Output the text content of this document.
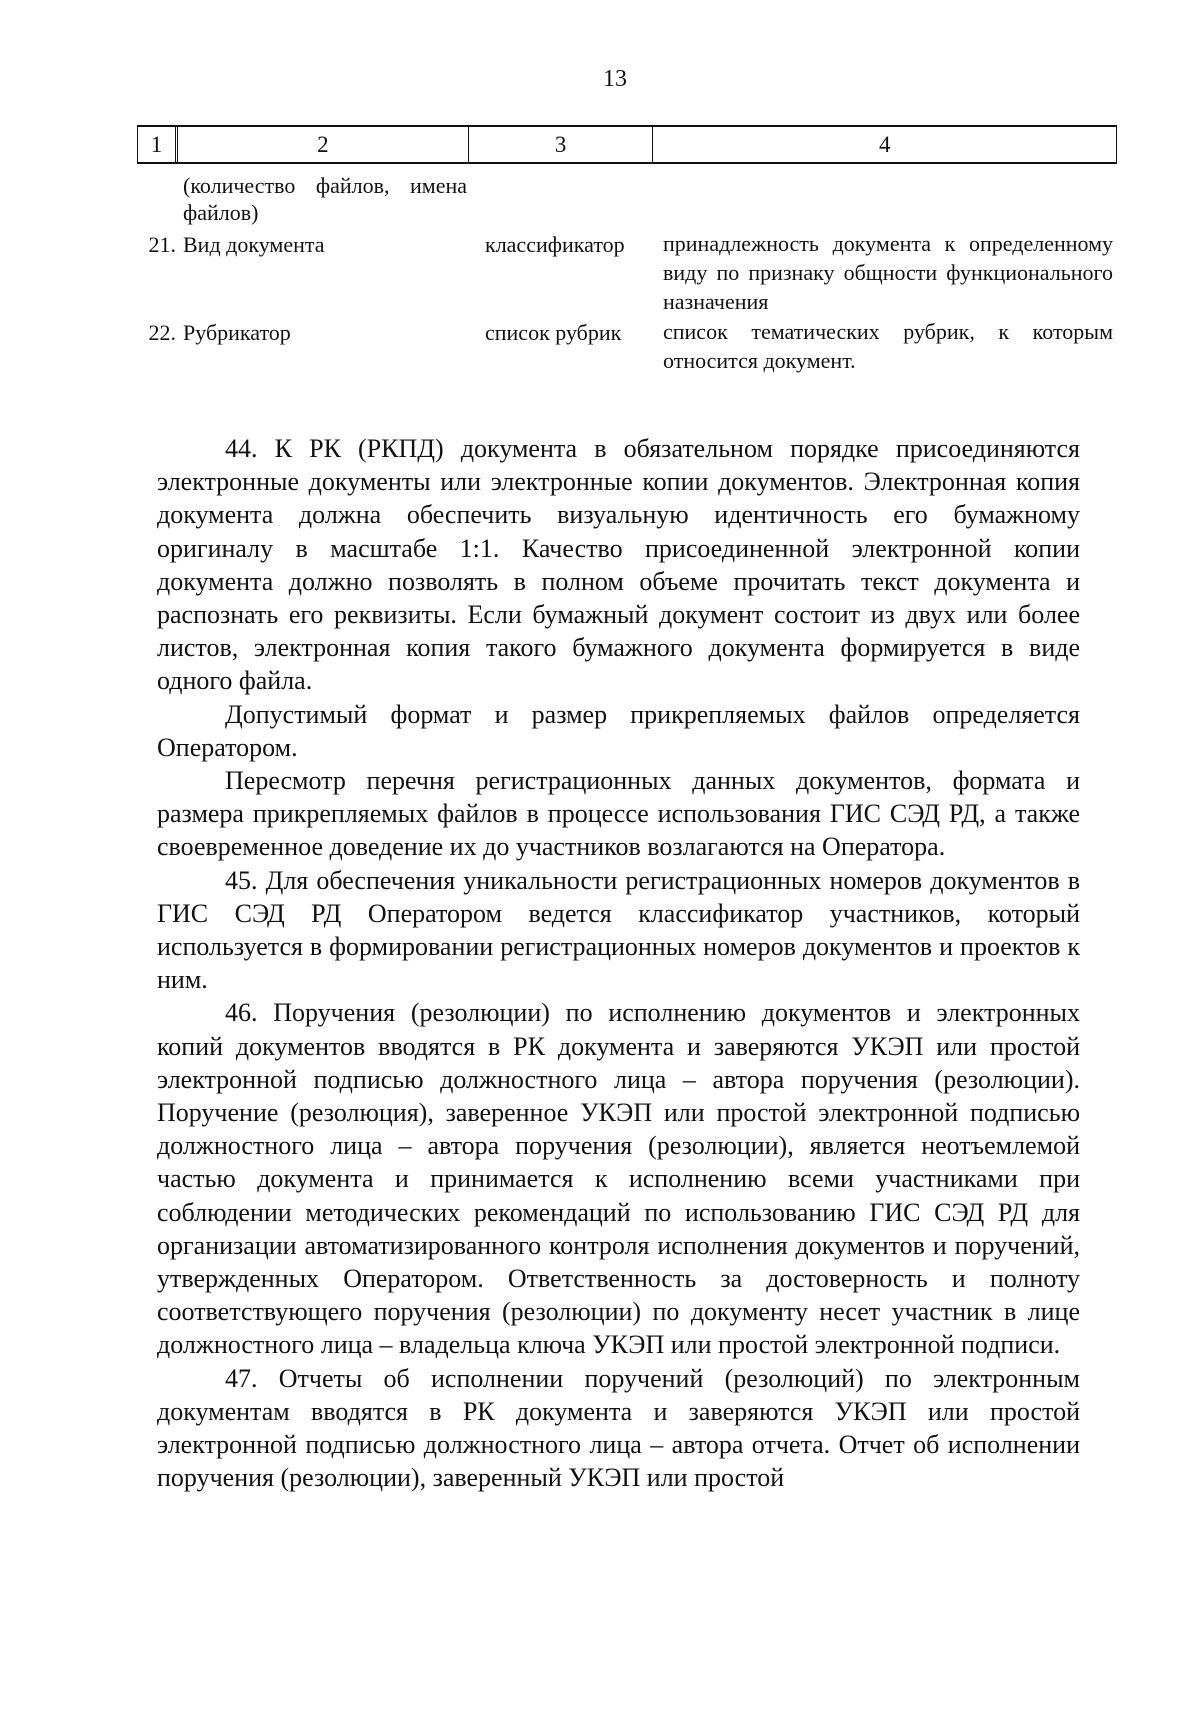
13
1	2	3	4
(количество файлов, имена файлов)
21. Вид документа	классификатор	принадлежность документа к определенному виду по признаку общности функционального назначения
22. Рубрикатор	список рубрик	список тематических рубрик, к которым относится документ.

44. К РК (РКПД) документа в обязательном порядке присоединяются электронные документы или электронные копии документов. Электронная копия документа должна обеспечить визуальную идентичность его бумажному оригиналу в масштабе 1:1. Качество присоединенной электронной копии документа должно позволять в полном объеме прочитать текст документа и распознать его реквизиты. Если бумажный документ состоит из двух или более листов, электронная копия такого бумажного документа формируется в виде одного файла.

Допустимый формат и размер прикрепляемых файлов определяется Оператором.

Пересмотр перечня регистрационных данных документов, формата и размера прикрепляемых файлов в процессе использования ГИС СЭД РД, а также своевременное доведение их до участников возлагаются на Оператора.

45. Для обеспечения уникальности регистрационных номеров документов в ГИС СЭД РД Оператором ведется классификатор участников, который используется в формировании регистрационных номеров документов и проектов к ним.

46. Поручения (резолюции) по исполнению документов и электронных копий документов вводятся в РК документа и заверяются УКЭП или простой электронной подписью должностного лица – автора поручения (резолюции). Поручение (резолюция), заверенное УКЭП или простой электронной подписью должностного лица – автора поручения (резолюции), является неотъемлемой частью документа и принимается к исполнению всеми участниками при соблюдении методических рекомендаций по использованию ГИС СЭД РД для организации автоматизированного контроля исполнения документов и поручений, утвержденных Оператором. Ответственность за достоверность и полноту соответствующего поручения (резолюции) по документу несет участник в лице должностного лица – владельца ключа УКЭП или простой электронной подписи.

47. Отчеты об исполнении поручений (резолюций) по электронным документам вводятся в РК документа и заверяются УКЭП или простой электронной подписью должностного лица – автора отчета. Отчет об исполнении поручения (резолюции), заверенный УКЭП или простой
